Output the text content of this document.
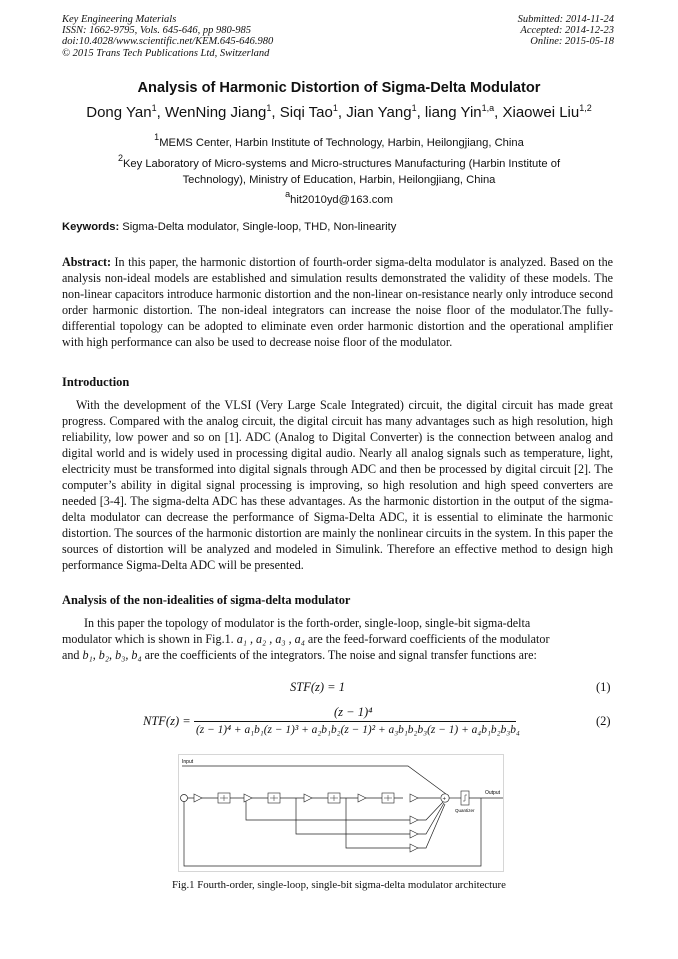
Key Engineering Materials
ISSN: 1662-9795, Vols. 645-646, pp 980-985
doi:10.4028/www.scientific.net/KEM.645-646.980
© 2015 Trans Tech Publications Ltd, Switzerland
Submitted: 2014-11-24
Accepted: 2014-12-23
Online: 2015-05-18
Analysis of Harmonic Distortion of Sigma-Delta Modulator
Dong Yan$^1$, WenNing Jiang$^1$, Siqi Tao$^1$, Jian Yang$^1$, liang Yin$^{1,a}$, Xiaowei Liu$^{1,2}$
$^1$MEMS Center, Harbin Institute of Technology, Harbin, Heilongjiang, China
$^2$Key Laboratory of Micro-systems and Micro-structures Manufacturing (Harbin Institute of
Technology), Ministry of Education, Harbin, Heilongjiang, China
$^a$hit2010yd@163.com
Keywords: Sigma-Delta modulator, Single-loop, THD, Non-linearity

Abstract: In this paper, the harmonic distortion of fourth-order sigma-delta modulator is analyzed. Based on the analysis non-ideal models are established and simulation results demonstrated the validity of these models. The non-linear capacitors introduce harmonic distortion and the non-linear on-resistance nearly only introduce second order harmonic distortion. The non-ideal integrators can increase the noise floor of the modulator.The fully-differential topology can be adopted to eliminate even order harmonic distortion and the operational amplifier with high performance can also be used to decrease noise floor of the modulator.

Introduction

With the development of the VLSI (Very Large Scale Integrated) circuit, the digital circuit has made great progress. Compared with the analog circuit, the digital circuit has many advantages such as high resolution, high reliability, low power and so on [1]. ADC (Analog to Digital Converter) is the connection between analog and digital world and is widely used in processing digital audio. Nearly all analog signals such as temperature, light, electricity must be transformed into digital signals through ADC and then be processed by digital circuit [2]. The computer’s ability in digital signal processing is improving, so high resolution and high speed converters are needed [3-4]. The sigma-delta ADC has these advantages. As the harmonic distortion in the output of the sigma-delta modulator can decrease the performance of Sigma-Delta ADC, it is essential to eliminate the harmonic distortion. The sources of the harmonic distortion are mainly the nonlinear circuits in the system. In this paper the sources of distortion will be analyzed and modeled in Simulink. Therefore an effective method to design high performance Sigma-Delta ADC will be presented.

Analysis of the non-idealities of sigma-delta modulator

In this paper the topology of modulator is the forth-order, single-loop, single-bit sigma-delta
modulator which is shown in Fig.1. a₁ , a₂ , a₃ , a₄ are the feed-forward coefficients of the modulator
and b₁, b₂, b₃, b₄ are the coefficients of the integrators. The noise and signal transfer functions are:

STF(z) = 1	(1)
NTF(z) =
(z − 1)⁴
(z − 1)⁴ + a₁b₁(z − 1)³ + a₂b₁b₂(z − 1)² + a₃b₁b₂b₃(z − 1) + a₄b₁b₂b₃b₄
(2)
Input
Output
Quantizer
+
Fig.1 Fourth-order, single-loop, single-bit sigma-delta modulator architecture
